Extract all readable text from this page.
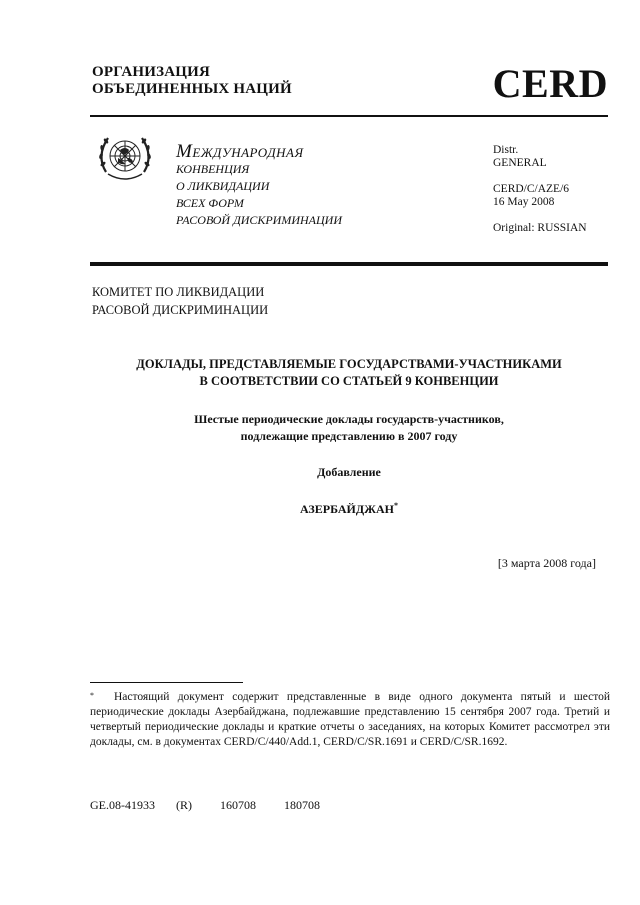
ОРГАНИЗАЦИЯ
ОБЪЕДИНЕННЫХ НАЦИЙ	CERD
МЕЖДУНАРОДНАЯ
КОНВЕНЦИЯ
О ЛИКВИДАЦИИ
ВСЕХ ФОРМ
РАСОВОЙ ДИСКРИМИНАЦИИ
Distr.
GENERAL
CERD/C/AZE/6
16 May 2008
Original: RUSSIAN
КОМИТЕТ ПО ЛИКВИДАЦИИ
РАСОВОЙ ДИСКРИМИНАЦИИ
ДОКЛАДЫ, ПРЕДСТАВЛЯЕМЫЕ ГОСУДАРСТВАМИ-УЧАСТНИКАМИ
В СООТВЕТСТВИИ СО СТАТЬЕЙ 9 КОНВЕНЦИИ
Шестые периодические доклады государств-участников,
подлежащие представлению в 2007 году
Добавление
АЗЕРБАЙДЖАН*
[3 марта 2008 года]
* Настоящий документ содержит представленные в виде одного документа пятый и шестой периодические доклады Азербайджана, подлежавшие представлению 15 сентября 2007 года. Третий и четвертый периодические доклады и краткие отчеты о заседаниях, на которых Комитет рассмотрел эти доклады, см. в документах CERD/C/440/Add.1, CERD/C/SR.1691 и CERD/C/SR.1692.
GE.08-41933   (R)    160708    180708
